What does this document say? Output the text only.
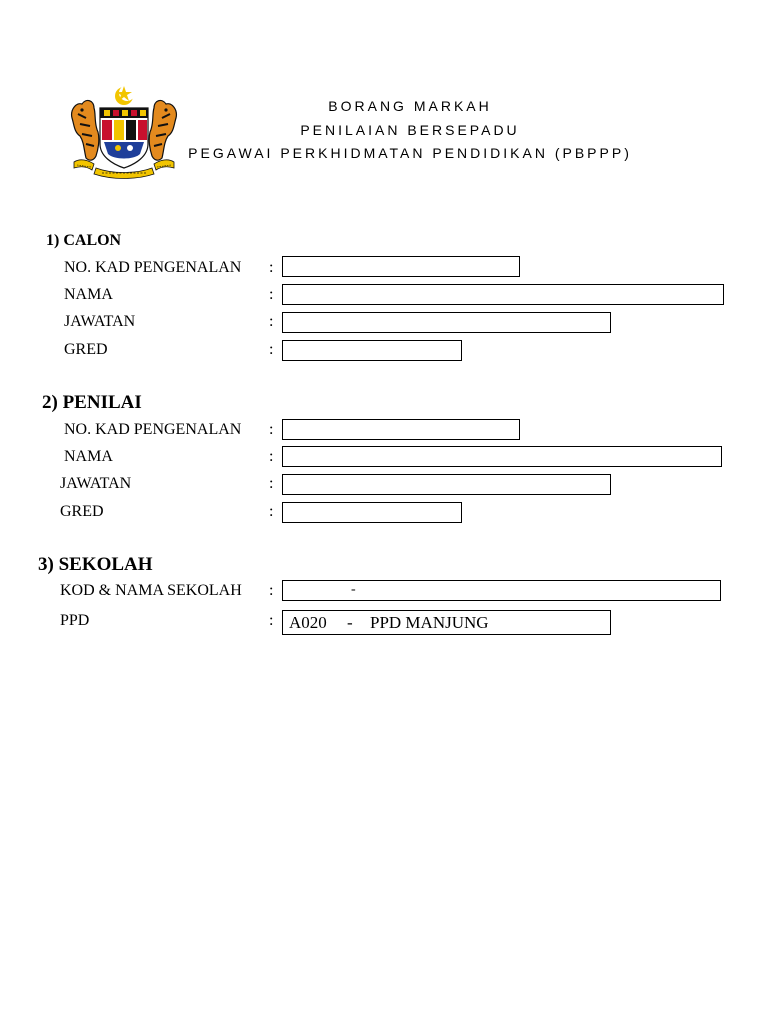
BORANG MARKAH
PENILAIAN BERSEPADU
PEGAWAI PERKHIDMATAN PENDIDIKAN (PBPPP)
1) CALON
NO. KAD PENGENALAN :
NAMA	:
JAWATAN	:
GRED	:
2) PENILAI
NO. KAD PENGENALAN :
NAMA	:
JAWATAN	:
GRED	:
3) SEKOLAH
KOD & NAMA SEKOLAH :	-
PPD	: A020 - PPD MANJUNG
